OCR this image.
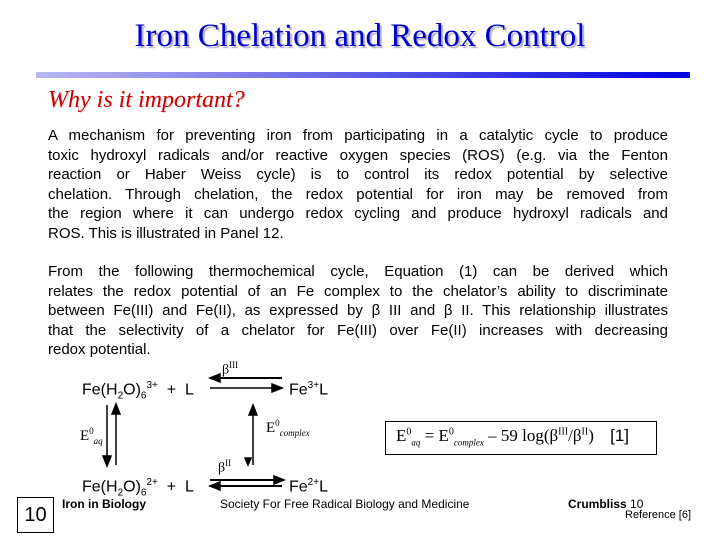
Iron Chelation and Redox Control
Why is it important?
A mechanism for preventing iron from participating in a catalytic cycle to produce
toxic hydroxyl radicals and/or reactive oxygen species (ROS) (e.g. via the Fenton
reaction or Haber Weiss cycle) is to control its redox potential by selective
chelation. Through chelation, the redox potential for iron may be removed from
the region where it can undergo redox cycling and produce hydroxyl radicals and
ROS. This is illustrated in Panel 12.
From the following thermochemical cycle, Equation (1) can be derived which
relates the redox potential of an Fe complex to the chelator’s ability to discriminate
between Fe(III) and Fe(II), as expressed by β III and β II. This relationship illustrates
that the selectivity of a chelator for Fe(III) over Fe(II) increases with decreasing
redox potential.
$Fe(H_2O)_6^{3+} + L$	$Fe^{3+}L$
$Fe(H_2O)_6^{2+} + L$	$Fe^{2+}L$
$\beta^{III}$
$\beta^{II}$
$E^0_{aq}$
$E^0_{complex}$	$E^0_{aq} = E^0_{complex} - 59$ $\log(\beta^{III}/\beta^{II})$ [1]
10	Iron in Biology	Society For Free Radical Biology and Medicine	Crumbliss 10
Reference [6]
